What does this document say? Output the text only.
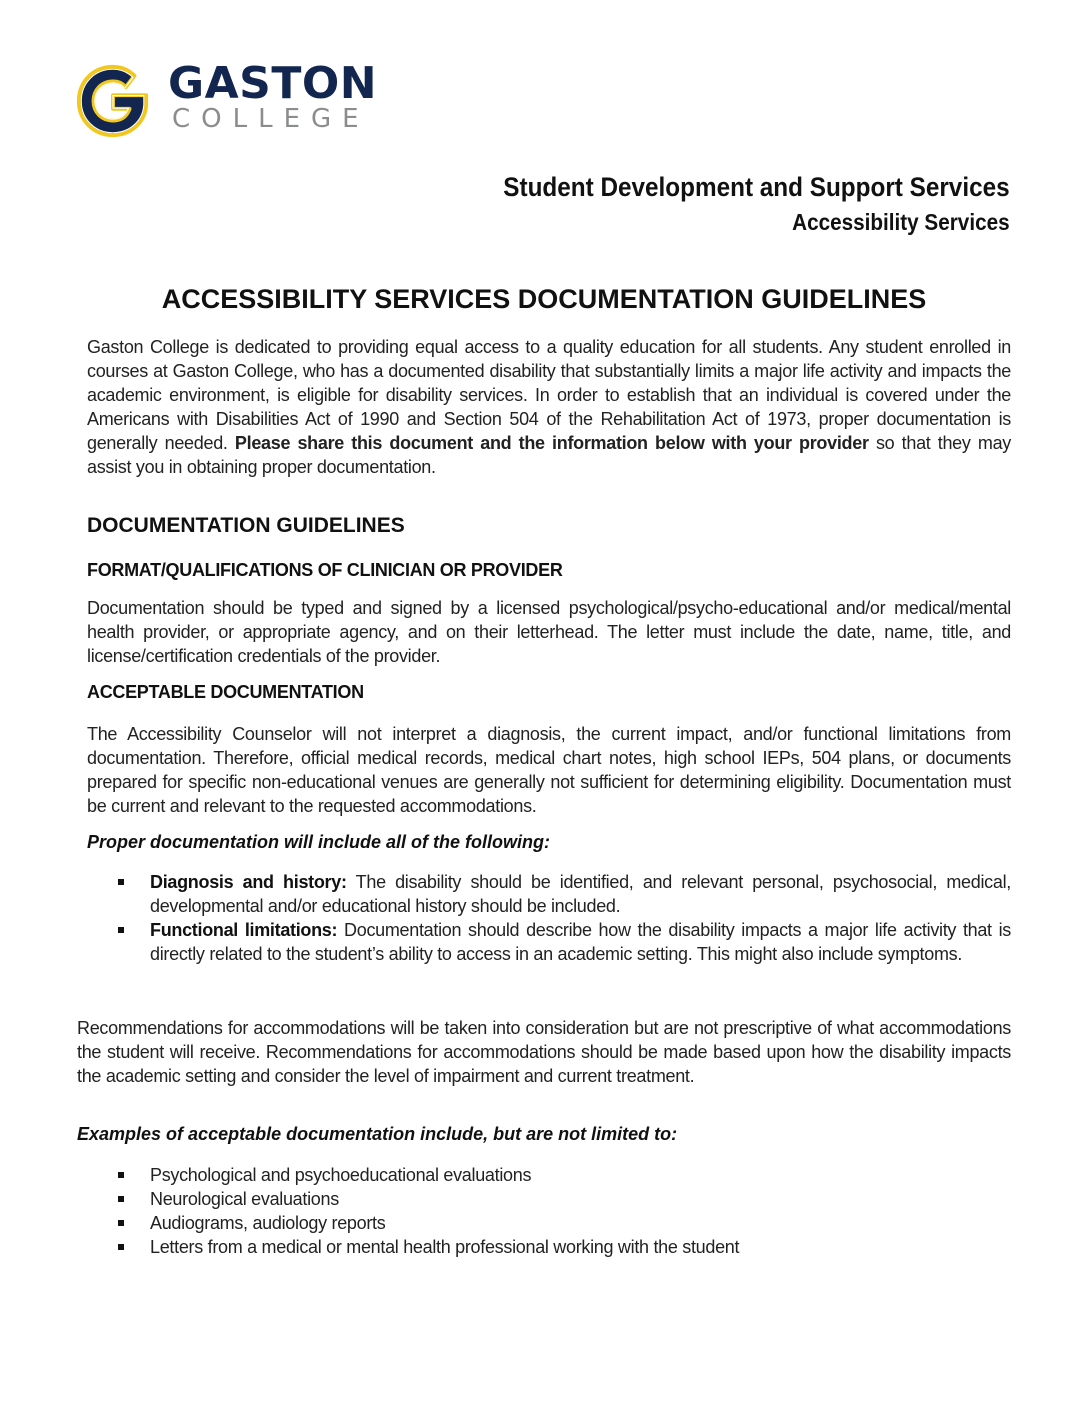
GASTON
COLLEGE
Student Development and Support Services
Accessibility Services
ACCESSIBILITY SERVICES DOCUMENTATION GUIDELINES

Gaston College is dedicated to providing equal access to a quality education for all students. Any student enrolled in courses at Gaston College, who has a documented disability that substantially limits a major life activity and impacts the academic environment, is eligible for disability services. In order to establish that an individual is covered under the Americans with Disabilities Act of 1990 and Section 504 of the Rehabilitation Act of 1973, proper documentation is generally needed. Please share this document and the information below with your provider so that they may assist you in obtaining proper documentation.

DOCUMENTATION GUIDELINES
FORMAT/QUALIFICATIONS OF CLINICIAN OR PROVIDER

Documentation should be typed and signed by a licensed psychological/psycho-educational and/or medical/mental health provider, or appropriate agency, and on their letterhead. The letter must include the date, name, title, and license/certification credentials of the provider.

ACCEPTABLE DOCUMENTATION

The Accessibility Counselor will not interpret a diagnosis, the current impact, and/or functional limitations from documentation. Therefore, official medical records, medical chart notes, high school IEPs, 504 plans, or documents prepared for specific non-educational venues are generally not sufficient for determining eligibility. Documentation must be current and relevant to the requested accommodations.

Proper documentation will include all of the following:
Diagnosis and history: The disability should be identified, and relevant personal, psychosocial, medical, developmental and/or educational history should be included.
Functional limitations: Documentation should describe how the disability impacts a major life activity that is directly related to the student’s ability to access in an academic setting. This might also include symptoms.

Recommendations for accommodations will be taken into consideration but are not prescriptive of what accommodations the student will receive. Recommendations for accommodations should be made based upon how the disability impacts the academic setting and consider the level of impairment and current treatment.

Examples of acceptable documentation include, but are not limited to:
Psychological and psychoeducational evaluations
Neurological evaluations
Audiograms, audiology reports
Letters from a medical or mental health professional working with the student
